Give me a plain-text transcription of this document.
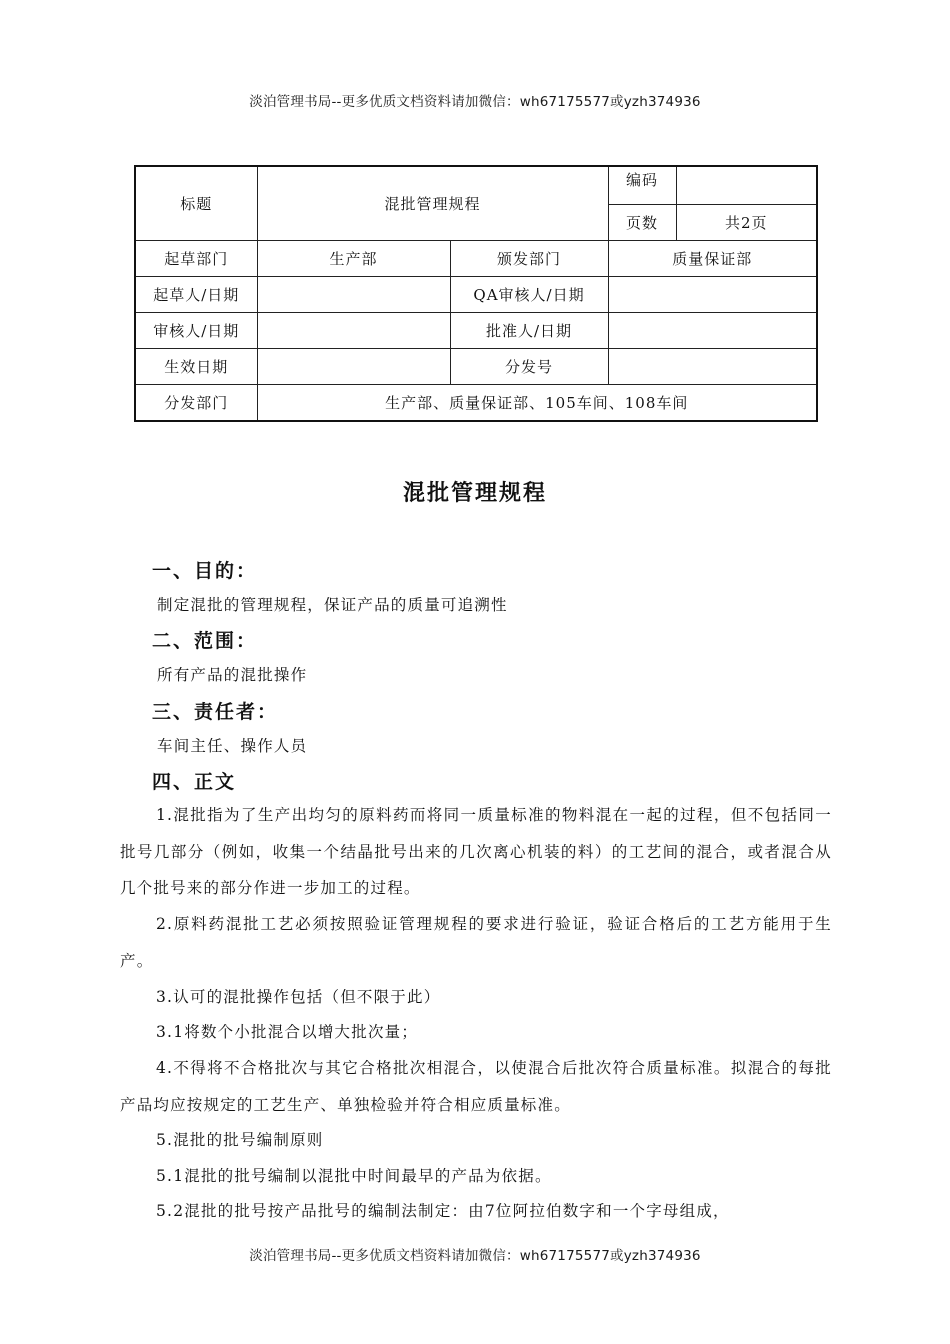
淡泊管理书局--更多优质文档资料请加微信：wh67175577或yzh374936
标题	混批管理规程		编码	
			页数	共2页
起草部门	生产部	颁发部门	质量保证部	
起草人/日期		QA审核人/日期		
审核人/日期		批准人/日期		
生效日期		分发号		
分发部门	生产部、质量保证部、105车间、108车间			
混批管理规程
一、目的：
制定混批的管理规程，保证产品的质量可追溯性
二、范围：
所有产品的混批操作
三、责任者：
车间主任、操作人员
四、正文

1.混批指为了生产出均匀的原料药而将同一质量标准的物料混在一起的过程，但不包括同一批号几部分（例如，收集一个结晶批号出来的几次离心机装的料）的工艺间的混合，或者混合从几个批号来的部分作进一步加工的过程。

2.原料药混批工艺必须按照验证管理规程的要求进行验证，验证合格后的工艺方能用于生产。

3.认可的混批操作包括（但不限于此）

3.1将数个小批混合以增大批次量；

4.不得将不合格批次与其它合格批次相混合，以使混合后批次符合质量标准。拟混合的每批产品均应按规定的工艺生产、单独检验并符合相应质量标准。

5.混批的批号编制原则

5.1混批的批号编制以混批中时间最早的产品为依据。

5.2混批的批号按产品批号的编制法制定：由7位阿拉伯数字和一个字母组成，

淡泊管理书局--更多优质文档资料请加微信：wh67175577或yzh374936
